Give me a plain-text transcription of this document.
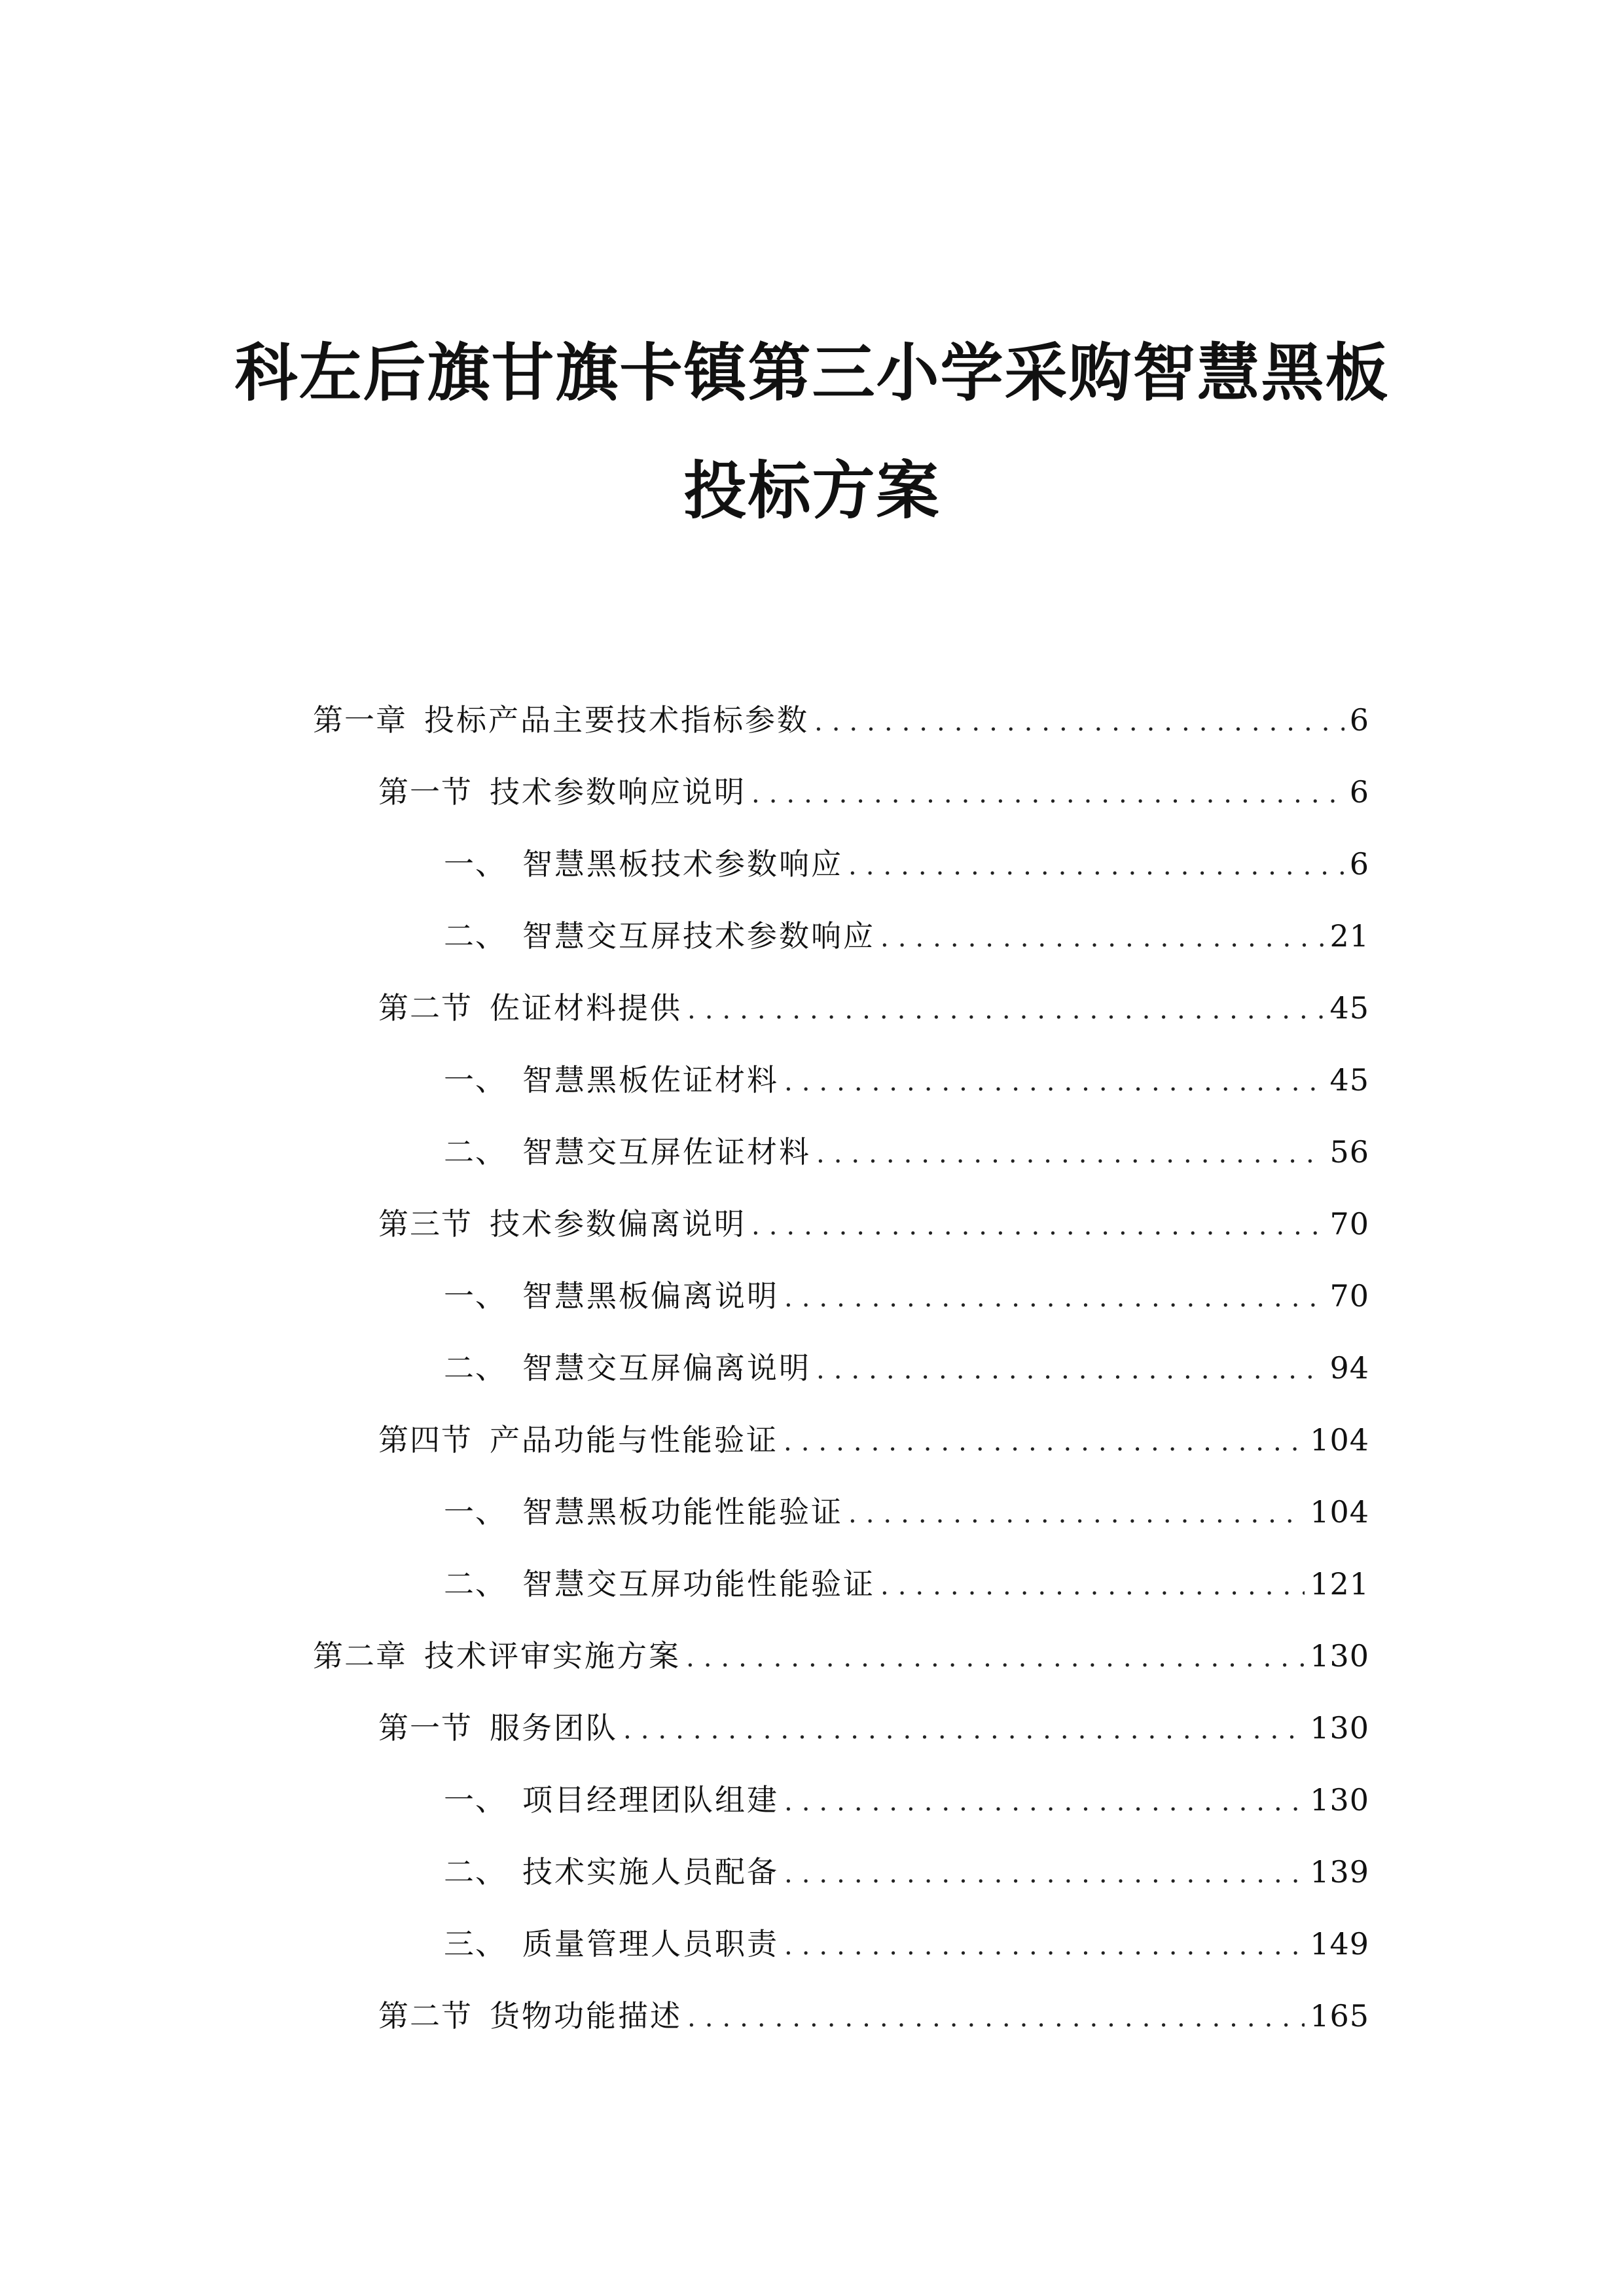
科左后旗甘旗卡镇第三小学采购智慧黑板
投标方案
第一章 投标产品主要技术指标参数 .....	6
第一节 技术参数响应说明 .....	6
一、 智慧黑板技术参数响应 .....	6
二、 智慧交互屏技术参数响应 .....	21
第二节 佐证材料提供 .....	45
一、 智慧黑板佐证材料 .....	45
二、 智慧交互屏佐证材料 .....	56
第三节 技术参数偏离说明 .....	70
一、 智慧黑板偏离说明 .....	70
二、 智慧交互屏偏离说明 .....	94
第四节 产品功能与性能验证 .....	104
一、 智慧黑板功能性能验证 .....	104
二、 智慧交互屏功能性能验证 .....	121
第二章 技术评审实施方案 .....	130
第一节 服务团队 .....	130
一、 项目经理团队组建 .....	130
二、 技术实施人员配备 .....	139
三、 质量管理人员职责 .....	149
第二节 货物功能描述 .....	165
